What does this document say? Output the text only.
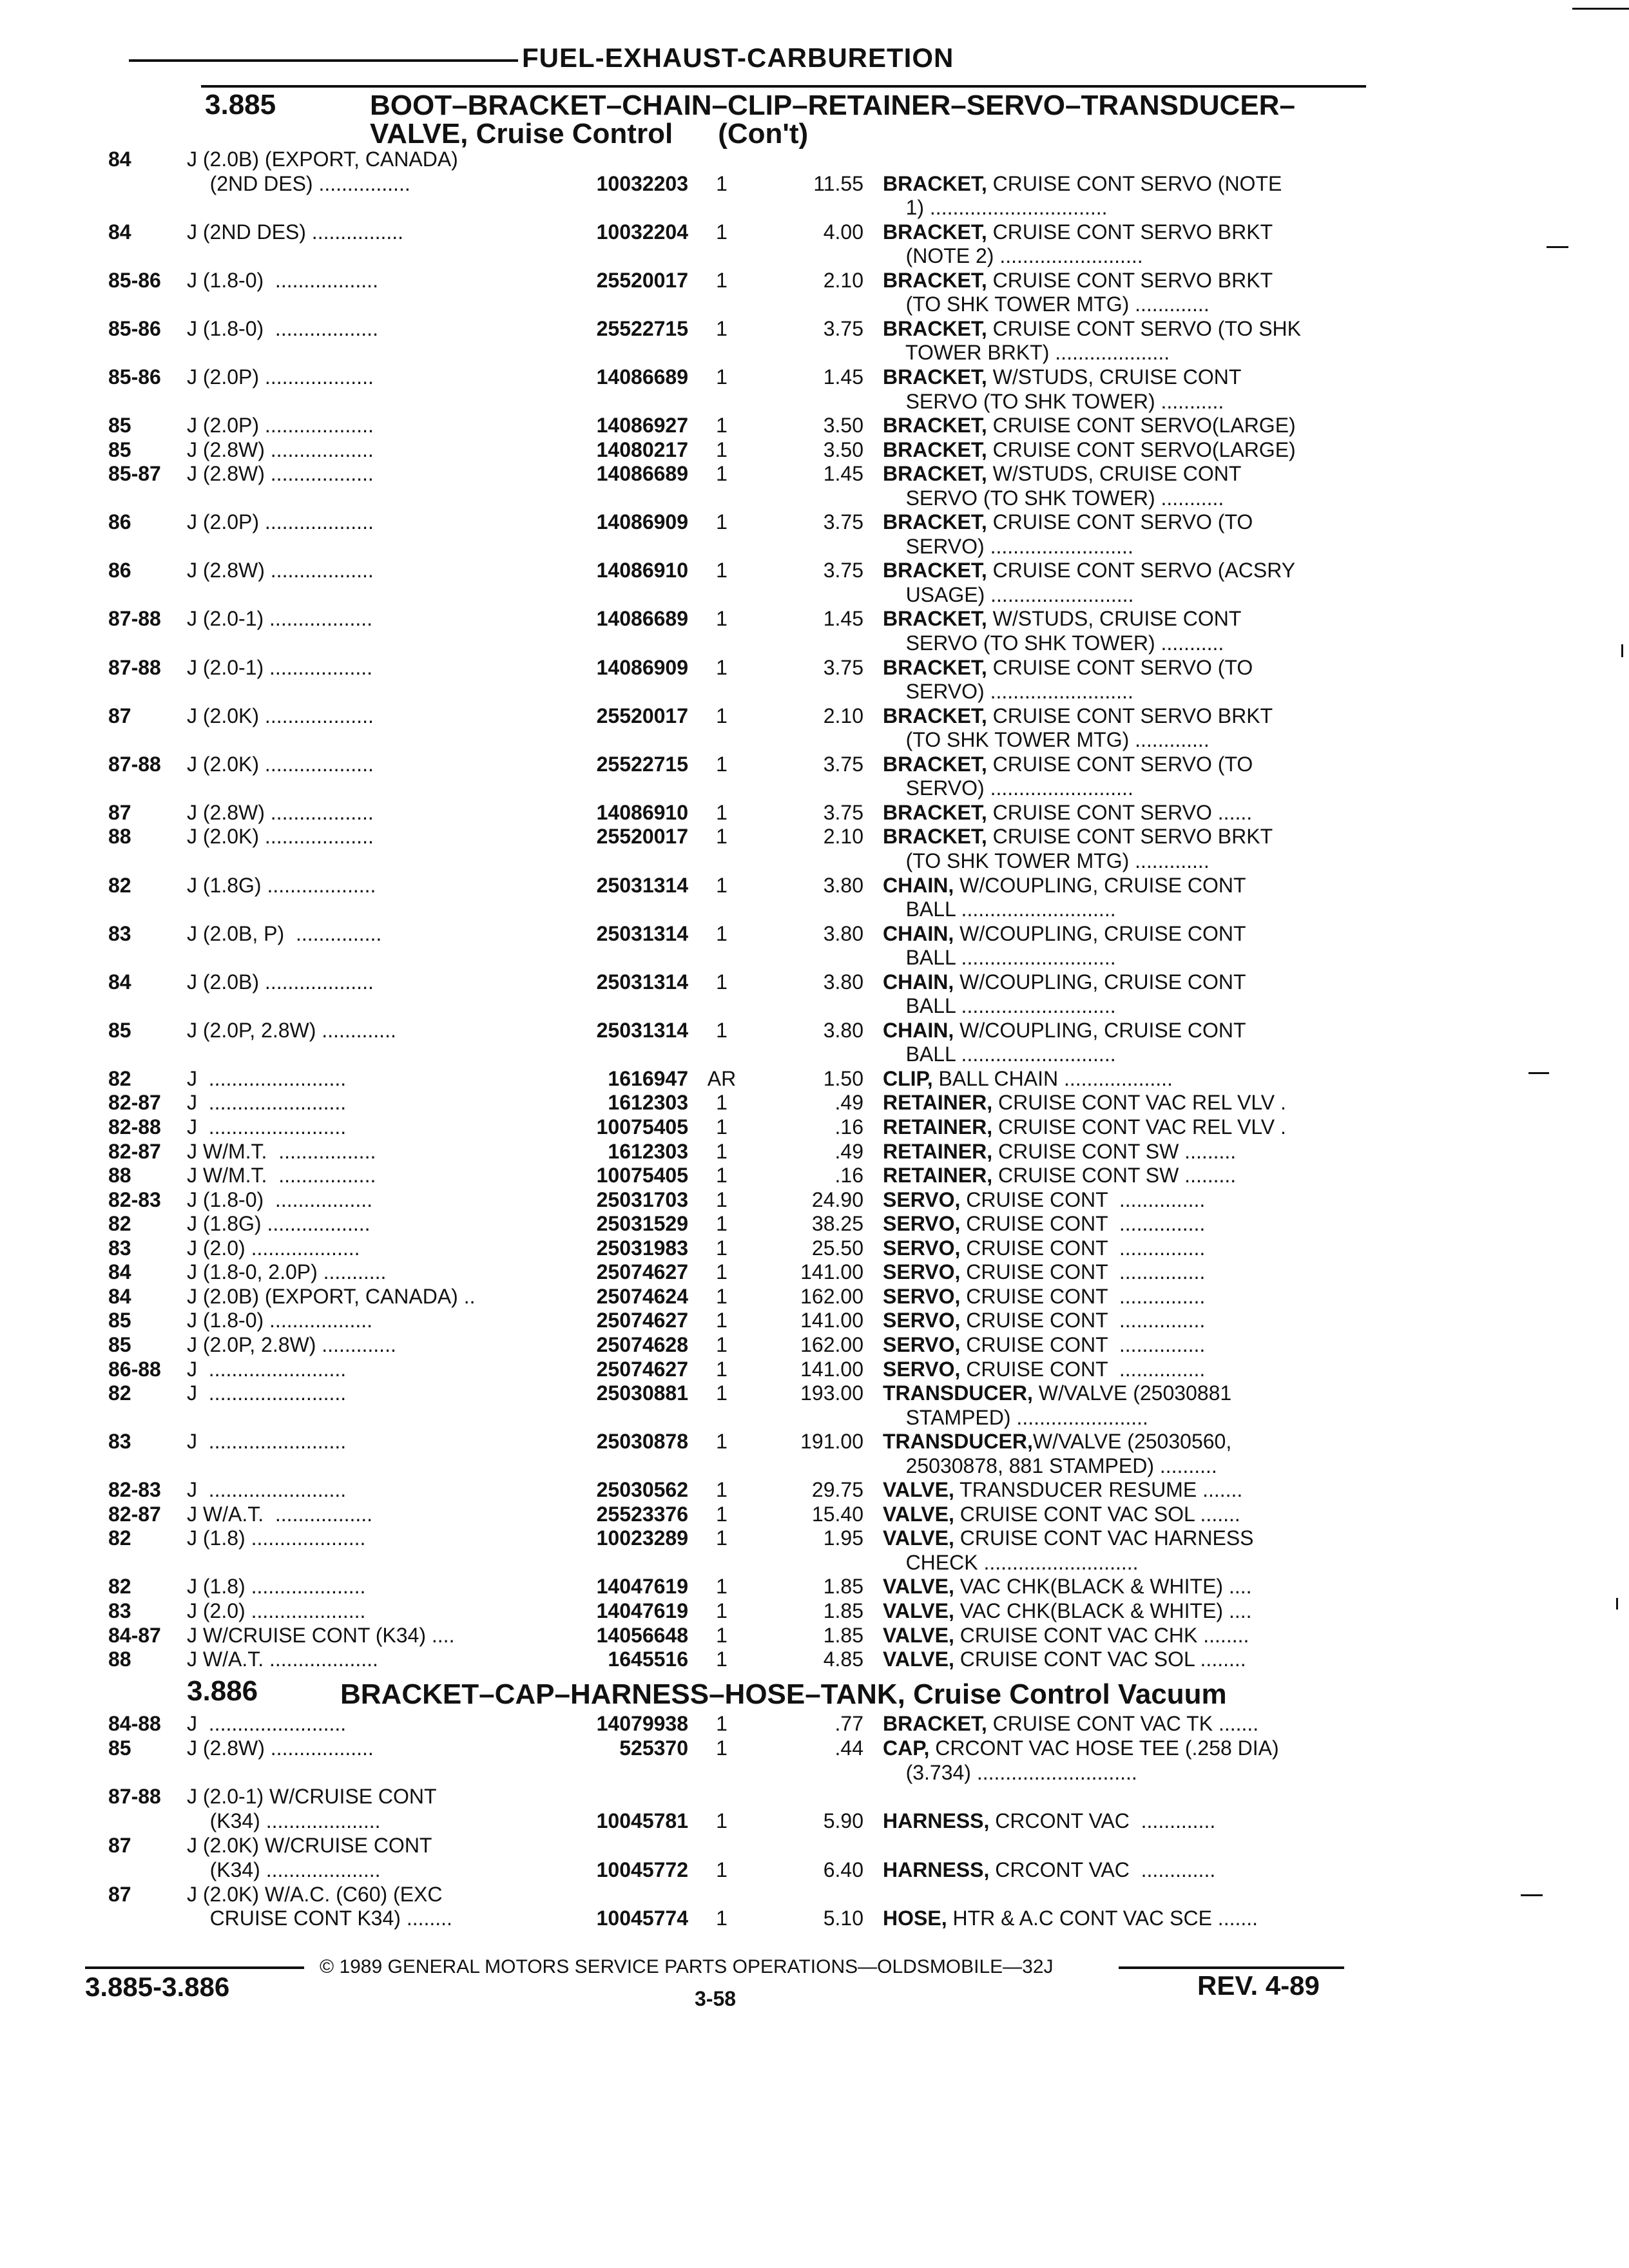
FUEL-EXHAUST-CARBURETION
3.885	BOOT–BRACKET–CHAIN–CLIP–RETAINER–SERVO–TRANSDUCER–
VALVE, Cruise Control (Con't)
84	J (2.0B) (EXPORT, CANADA)
(2ND DES) ................	10032203	1	11.55 BRACKET, CRUISE CONT SERVO (NOTE
1) ...............................
84	J (2ND DES) ................	10032204	1	4.00 BRACKET, CRUISE CONT SERVO BRKT
(NOTE 2) .........................
85-86	J (1.8-0)  ..................	25520017	1	2.10 BRACKET, CRUISE CONT SERVO BRKT
(TO SHK TOWER MTG) .............
85-86	J (1.8-0)  ..................	25522715	1	3.75 BRACKET, CRUISE CONT SERVO (TO SHK
TOWER BRKT) ....................
85-86	J (2.0P) ...................	14086689	1	1.45 BRACKET, W/STUDS, CRUISE CONT
SERVO (TO SHK TOWER) ...........
85	J (2.0P) ...................	14086927	1	3.50 BRACKET, CRUISE CONT SERVO(LARGE)
85	J (2.8W) ..................	14080217	1	3.50 BRACKET, CRUISE CONT SERVO(LARGE)
85-87	J (2.8W) ..................	14086689	1	1.45 BRACKET, W/STUDS, CRUISE CONT
SERVO (TO SHK TOWER) ...........
86	J (2.0P) ...................	14086909	1	3.75 BRACKET, CRUISE CONT SERVO (TO
SERVO) .........................
86	J (2.8W) ..................	14086910	1	3.75 BRACKET, CRUISE CONT SERVO (ACSRY
USAGE) .........................
87-88	J (2.0-1) ..................	14086689	1	1.45 BRACKET, W/STUDS, CRUISE CONT
SERVO (TO SHK TOWER) ...........
87-88	J (2.0-1) ..................	14086909	1	3.75 BRACKET, CRUISE CONT SERVO (TO
SERVO) .........................
87	J (2.0K) ...................	25520017	1	2.10 BRACKET, CRUISE CONT SERVO BRKT
(TO SHK TOWER MTG) .............
87-88	J (2.0K) ...................	25522715	1	3.75 BRACKET, CRUISE CONT SERVO (TO
SERVO) .........................
87	J (2.8W) ..................	14086910	1	3.75 BRACKET, CRUISE CONT SERVO ......
88	J (2.0K) ...................	25520017	1	2.10 BRACKET, CRUISE CONT SERVO BRKT
(TO SHK TOWER MTG) .............
82	J (1.8G) ...................	25031314	1	3.80 CHAIN, W/COUPLING, CRUISE CONT
BALL ...........................
83	J (2.0B, P)  ...............	25031314	1	3.80 CHAIN, W/COUPLING, CRUISE CONT
BALL ...........................
84	J (2.0B) ...................	25031314	1	3.80 CHAIN, W/COUPLING, CRUISE CONT
BALL ...........................
85	J (2.0P, 2.8W) .............	25031314	1	3.80 CHAIN, W/COUPLING, CRUISE CONT
BALL ...........................
82	J  ........................	1616947 AR	1.50 CLIP, BALL CHAIN ...................
82-87	J  ........................	1612303	1	.49 RETAINER, CRUISE CONT VAC REL VLV .
82-88	J  ........................	10075405	1	.16 RETAINER, CRUISE CONT VAC REL VLV .
82-87	J W/M.T.  .................	1612303	1	.49 RETAINER, CRUISE CONT SW .........
88	J W/M.T.  .................	10075405	1	.16 RETAINER, CRUISE CONT SW .........
82-83	J (1.8-0)  .................	25031703	1	24.90 SERVO, CRUISE CONT  ...............
82	J (1.8G) ..................	25031529	1	38.25 SERVO, CRUISE CONT  ...............
83	J (2.0) ...................	25031983	1	25.50 SERVO, CRUISE CONT  ...............
84	J (1.8-0, 2.0P) ...........	25074627	1	141.00 SERVO, CRUISE CONT  ...............
84	J (2.0B) (EXPORT, CANADA) ..	25074624	1	162.00 SERVO, CRUISE CONT  ...............
85	J (1.8-0) ..................	25074627	1	141.00 SERVO, CRUISE CONT  ...............
85	J (2.0P, 2.8W) .............	25074628	1	162.00 SERVO, CRUISE CONT  ...............
86-88	J  ........................	25074627	1	141.00 SERVO, CRUISE CONT  ...............
82	J  ........................	25030881	1	193.00 TRANSDUCER, W/VALVE (25030881
STAMPED) .......................
83	J  ........................	25030878	1	191.00 TRANSDUCER,W/VALVE (25030560,
25030878, 881 STAMPED) ..........
82-83	J  ........................	25030562	1	29.75 VALVE, TRANSDUCER RESUME .......
82-87	J W/A.T.  .................	25523376	1	15.40 VALVE, CRUISE CONT VAC SOL .......
82	J (1.8) ....................	10023289	1	1.95 VALVE, CRUISE CONT VAC HARNESS
CHECK ...........................
82	J (1.8) ....................	14047619	1	1.85 VALVE, VAC CHK(BLACK & WHITE) ....
83	J (2.0) ....................	14047619	1	1.85 VALVE, VAC CHK(BLACK & WHITE) ....
84-87	J W/CRUISE CONT (K34) ....	14056648	1	1.85 VALVE, CRUISE CONT VAC CHK ........
88	J W/A.T. ...................	1645516	1	4.85 VALVE, CRUISE CONT VAC SOL ........
3.886	BRACKET–CAP–HARNESS–HOSE–TANK, Cruise Control Vacuum
84-88	J  ........................	14079938	1	.77 BRACKET, CRUISE CONT VAC TK .......
85	J (2.8W) ..................	525370	1	.44 CAP, CRCONT VAC HOSE TEE (.258 DIA)
(3.734) ............................
87-88	J (2.0-1) W/CRUISE CONT
(K34) ....................	10045781	1	5.90 HARNESS, CRCONT VAC  .............
87	J (2.0K) W/CRUISE CONT
(K34) ....................	10045772	1	6.40 HARNESS, CRCONT VAC  .............
87	J (2.0K) W/A.C. (C60) (EXC
CRUISE CONT K34) ........	10045774	1	5.10 HOSE, HTR & A.C CONT VAC SCE .......
© 1989 GENERAL MOTORS SERVICE PARTS OPERATIONS—OLDSMOBILE—32J
3.885-3.886	3-58	REV. 4-89
